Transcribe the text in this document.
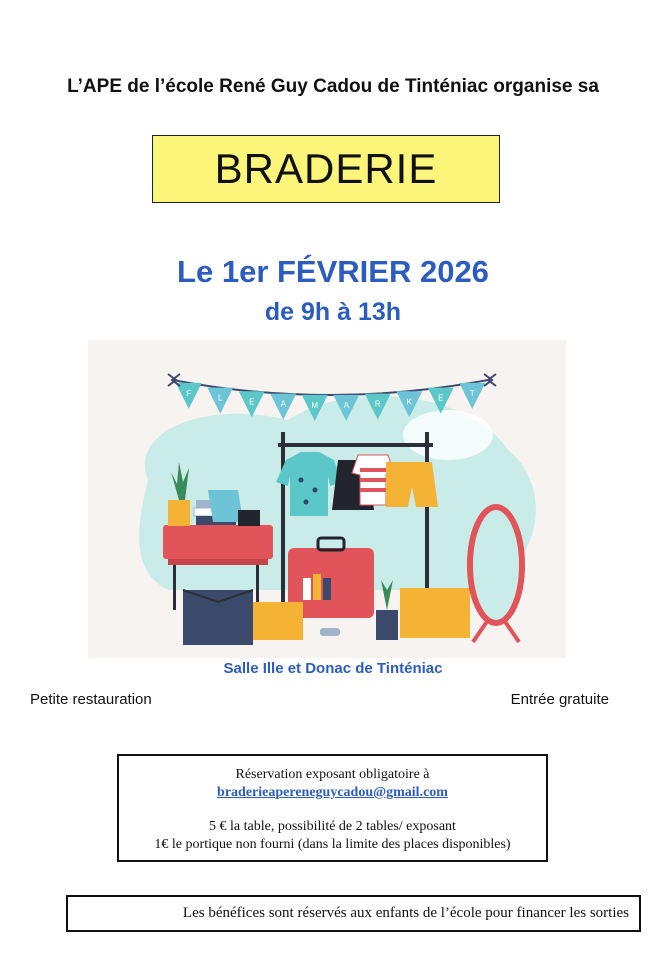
L’APE de l’école René Guy Cadou de Tinténiac organise sa
BRADERIE
Le 1er FÉVRIER 2026
de 9h à 13h
F
L	E	A	M	A	R	K	E
T
Salle Ille et Donac de Tinténiac
Petite restauration	Entrée gratuite
Réservation exposant obligatoire à
braderieapereneguycadou@gmail.com
5 € la table, possibilité de 2 tables/ exposant
1€ le portique non fourni (dans la limite des places disponibles)
Les bénéfices sont réservés aux enfants de l’école pour financer les sorties
